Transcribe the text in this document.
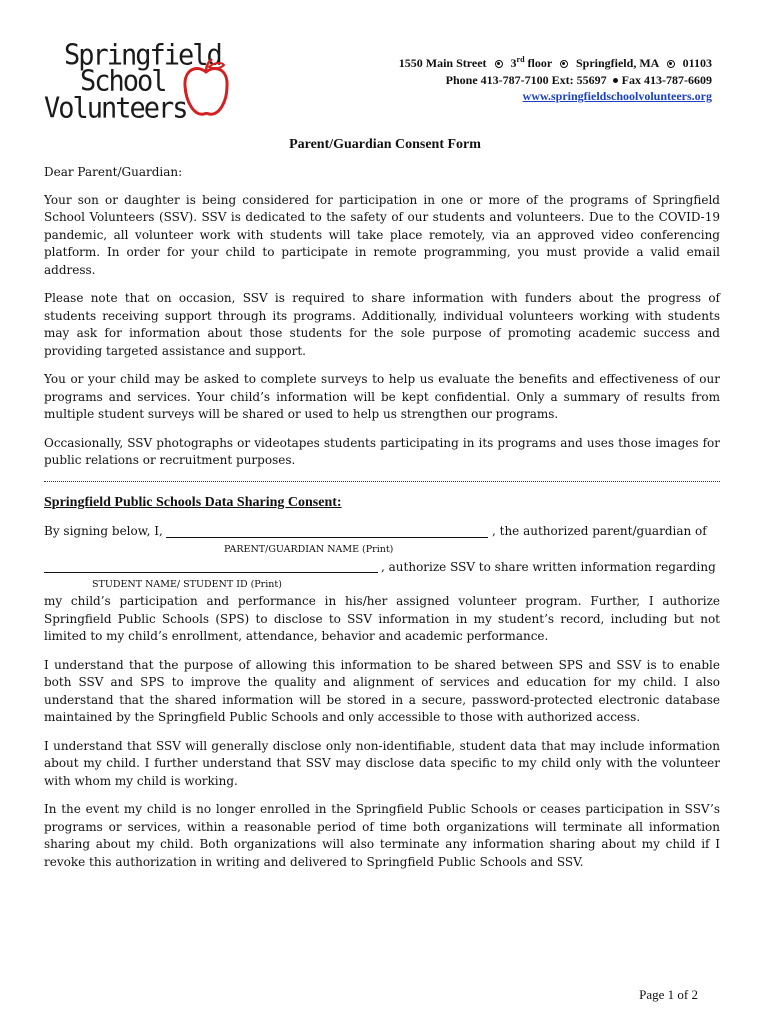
Springfield
School
Volunteers
1550 Main Street 3rd floor Springfield, MA 01103
Phone 413-787-7100 Ext: 55697 Fax 413-787-6609
www.springfieldschoolvolunteers.org
Parent/Guardian Consent Form

Dear Parent/Guardian:

Your son or daughter is being considered for participation in one or more of the programs of Springfield School Volunteers (SSV). SSV is dedicated to the safety of our students and volunteers. Due to the COVID-19 pandemic, all volunteer work with students will take place remotely, via an approved video conferencing platform. In order for your child to participate in remote programming, you must provide a valid email address.

Please note that on occasion, SSV is required to share information with funders about the progress of students receiving support through its programs. Additionally, individual volunteers working with students may ask for information about those students for the sole purpose of promoting academic success and providing targeted assistance and support.

You or your child may be asked to complete surveys to help us evaluate the benefits and effectiveness of our programs and services. Your child’s information will be kept confidential. Only a summary of results from multiple student surveys will be shared or used to help us strengthen our programs.

Occasionally, SSV photographs or videotapes students participating in its programs and uses those images for public relations or recruitment purposes.

Springfield Public Schools Data Sharing Consent:
By signing below, I,	, the authorized parent/guardian of
PARENT/GUARDIAN NAME (Print)
, authorize SSV to share written information regarding
STUDENT NAME/ STUDENT ID (Print)

my child’s participation and performance in his/her assigned volunteer program. Further, I authorize Springfield Public Schools (SPS) to disclose to SSV information in my student’s record, including but not limited to my child’s enrollment, attendance, behavior and academic performance.

I understand that the purpose of allowing this information to be shared between SPS and SSV is to enable both SSV and SPS to improve the quality and alignment of services and education for my child. I also understand that the shared information will be stored in a secure, password-protected electronic database maintained by the Springfield Public Schools and only accessible to those with authorized access.

I understand that SSV will generally disclose only non-identifiable, student data that may include information about my child. I further understand that SSV may disclose data specific to my child only with the volunteer with whom my child is working.

In the event my child is no longer enrolled in the Springfield Public Schools or ceases participation in SSV’s programs or services, within a reasonable period of time both organizations will terminate all information sharing about my child. Both organizations will also terminate any information sharing about my child if I revoke this authorization in writing and delivered to Springfield Public Schools and SSV.

Page 1 of 2
